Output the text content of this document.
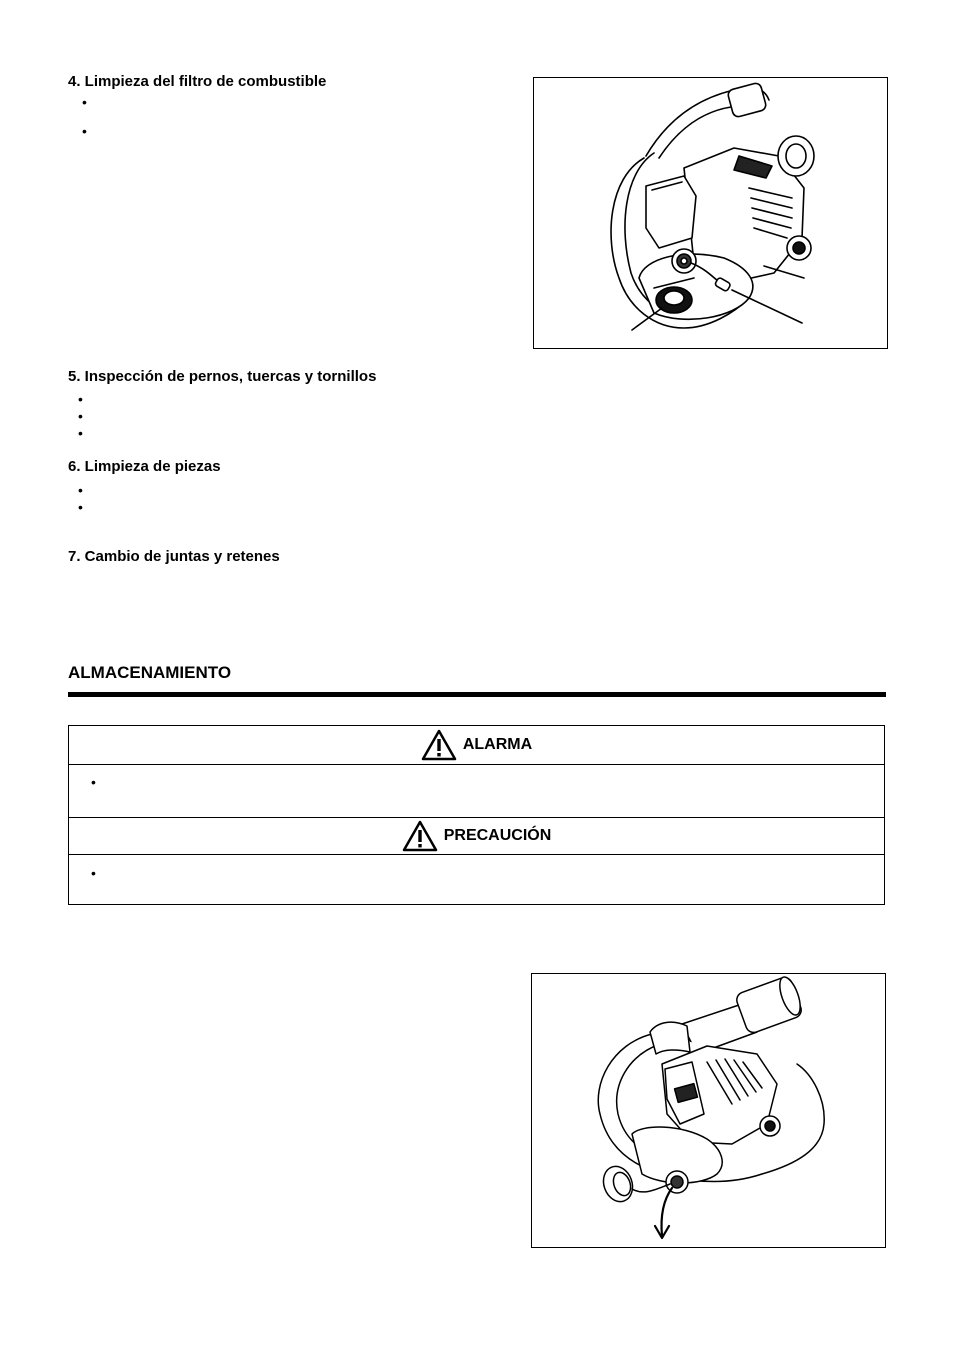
4. Limpieza del filtro de combustible
•
•
5. Inspección de pernos, tuercas y tornillos
•
•
•
6. Limpieza de piezas
•
•
7. Cambio de juntas y retenes
ALMACENAMIENTO
ALARMA
•
PRECAUCIÓN
•
